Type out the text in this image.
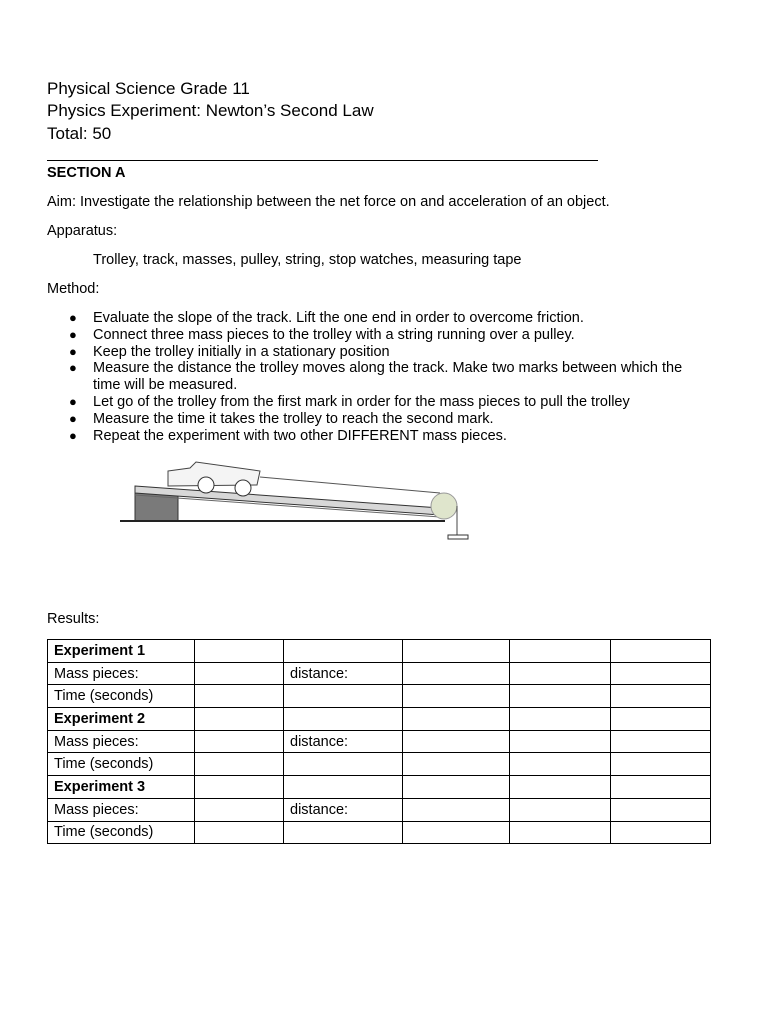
Physical Science Grade 11
Physics Experiment: Newton’s Second Law
Total: 50
SECTION A
Aim: Investigate the relationship between the net force on and acceleration of an object.
Apparatus:
Trolley, track, masses, pulley, string, stop watches, measuring tape
Method:
● Evaluate the slope of the track. Lift the one end in order to overcome friction.
● Connect three mass pieces to the trolley with a string running over a pulley.
● Keep the trolley initially in a stationary position
● Measure the distance the trolley moves along the track. Make two marks between which the time will be measured.
● Let go of the trolley from the first mark in order for the mass pieces to pull the trolley
● Measure the time it takes the trolley to reach the second mark.
● Repeat the experiment with two other DIFFERENT mass pieces.
Results:
Experiment 1					
Mass pieces:		distance:			
Time (seconds)					
Experiment 2					
Mass pieces:		distance:			
Time (seconds)					
Experiment 3					
Mass pieces:		distance:			
Time (seconds)					
